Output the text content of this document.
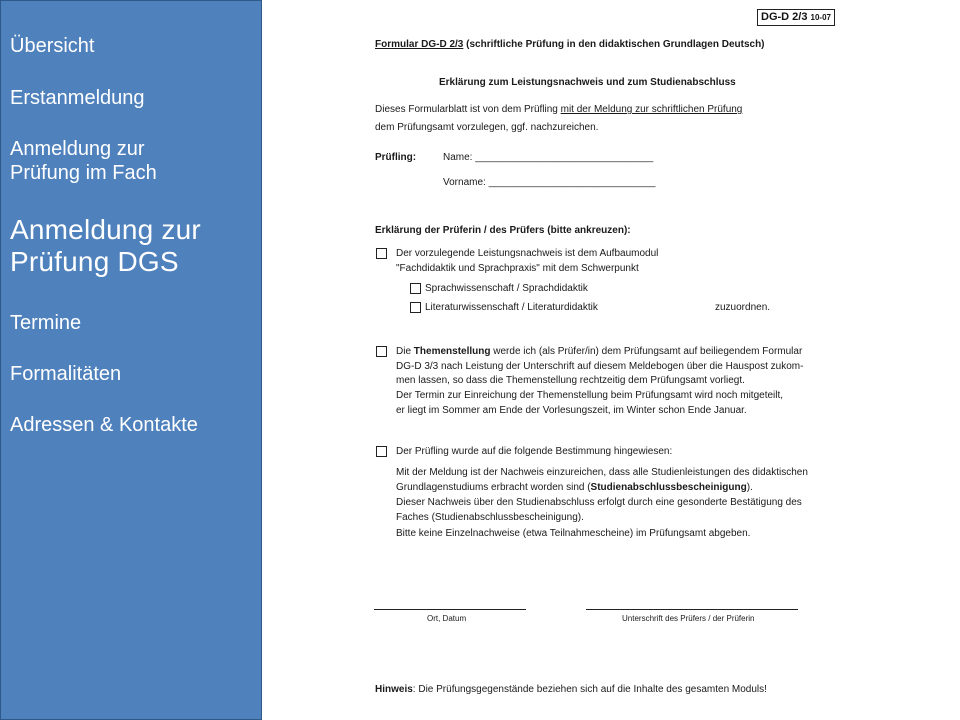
Übersicht
Erstanmeldung
Anmeldung zur
Prüfung im Fach
Anmeldung zur
Prüfung DGS
Termine
Formalitäten
Adressen & Kontakte
DG-D 2/3 10-07
Formular DG-D 2/3 (schriftliche Prüfung in den didaktischen Grundlagen Deutsch)
Erklärung zum Leistungsnachweis und zum Studienabschluss
Dieses Formularblatt ist von dem Prüfling mit der Meldung zur schriftlichen Prüfung
dem Prüfungsamt vorzulegen, ggf. nachzureichen.
Prüfling:	Name: ________________________________
Vorname: ______________________________
Erklärung der Prüferin / des Prüfers (bitte ankreuzen):
Der vorzulegende Leistungsnachweis ist dem Aufbaumodul
"Fachdidaktik und Sprachpraxis" mit dem Schwerpunkt
Sprachwissenschaft / Sprachdidaktik
Literaturwissenschaft / Literaturdidaktik	zuzuordnen.
Die Themenstellung werde ich (als Prüfer/in) dem Prüfungsamt auf beiliegendem Formular
DG-D 3/3 nach Leistung der Unterschrift auf diesem Meldebogen über die Hauspost zukom-
men lassen, so dass die Themenstellung rechtzeitig dem Prüfungsamt vorliegt.
Der Termin zur Einreichung der Themenstellung beim Prüfungsamt wird noch mitgeteilt,
er liegt im Sommer am Ende der Vorlesungszeit, im Winter schon Ende Januar.
Der Prüfling wurde auf die folgende Bestimmung hingewiesen:
Mit der Meldung ist der Nachweis einzureichen, dass alle Studienleistungen des didaktischen
Grundlagenstudiums erbracht worden sind (Studienabschlussbescheinigung).
Dieser Nachweis über den Studienabschluss erfolgt durch eine gesonderte Bestätigung des
Faches (Studienabschlussbescheinigung).
Bitte keine Einzelnachweise (etwa Teilnahmescheine) im Prüfungsamt abgeben.
Ort, Datum	Unterschrift des Prüfers / der Prüferin
Hinweis: Die Prüfungsgegenstände beziehen sich auf die Inhalte des gesamten Moduls!
